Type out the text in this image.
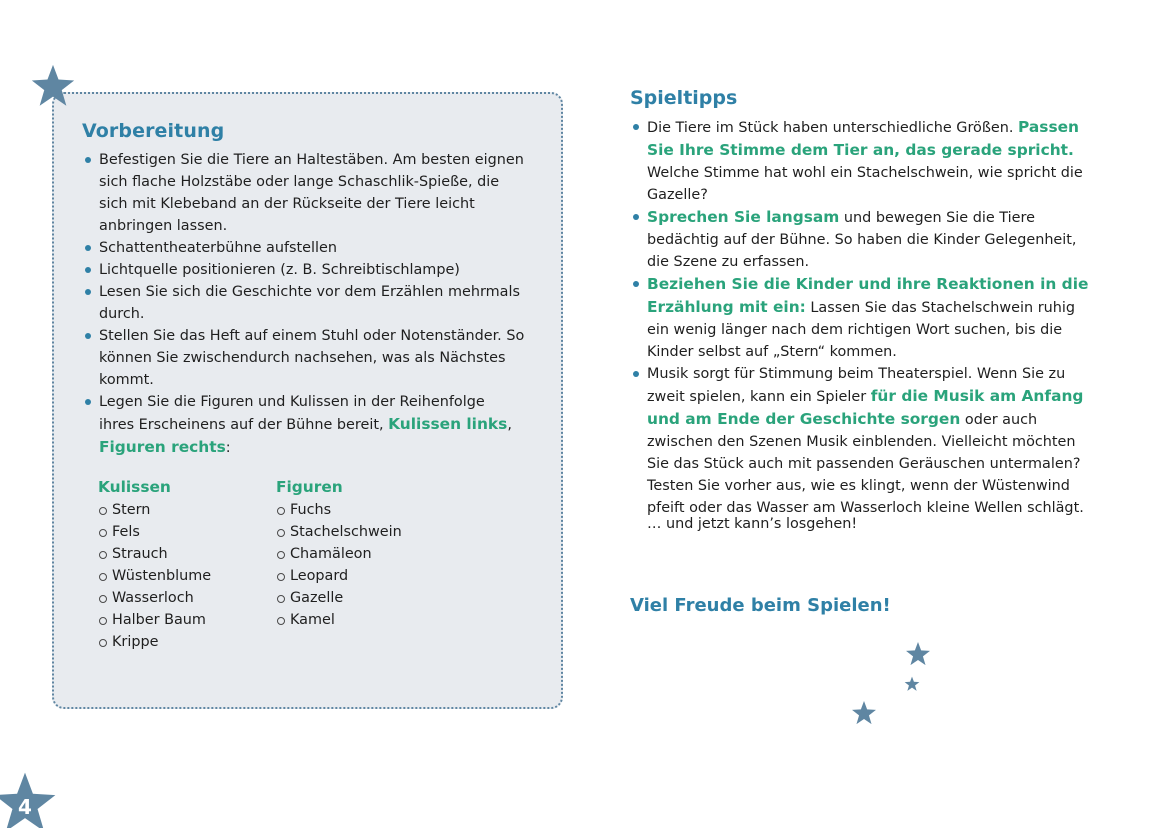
Vorbereitung
Befestigen Sie die Tiere an Haltestäben. Am besten eignen sich flache Holzstäbe oder lange Schaschlik-Spieße, die sich mit Klebeband an der Rückseite der Tiere leicht anbringen lassen.
Schattentheaterbühne aufstellen
Lichtquelle positionieren (z. B. Schreibtischlampe)
Lesen Sie sich die Geschichte vor dem Erzählen mehrmals durch.
Stellen Sie das Heft auf einem Stuhl oder Notenständer. So können Sie zwischendurch nachsehen, was als Nächstes kommt.
Legen Sie die Figuren und Kulissen in der Reihenfolge ihres Erscheinens auf der Bühne bereit, Kulissen links, Figuren rechts:
Kulissen
Stern
Fels
Strauch
Wüstenblume
Wasserloch
Halber Baum
Krippe
Figuren
Fuchs
Stachelschwein
Chamäleon
Leopard
Gazelle
Kamel
Spieltipps
Die Tiere im Stück haben unterschiedliche Größen. Passen Sie Ihre Stimme dem Tier an, das gerade spricht. Welche Stimme hat wohl ein Stachelschwein, wie spricht die Gazelle?
Sprechen Sie langsam und bewegen Sie die Tiere bedächtig auf der Bühne. So haben die Kinder Gelegenheit, die Szene zu erfassen.
Beziehen Sie die Kinder und ihre Reaktionen in die Erzählung mit ein: Lassen Sie das Stachelschwein ruhig ein wenig länger nach dem richtigen Wort suchen, bis die Kinder selbst auf „Stern“ kommen.
Musik sorgt für Stimmung beim Theaterspiel. Wenn Sie zu zweit spielen, kann ein Spieler für die Musik am Anfang und am Ende der Geschichte sorgen oder auch zwischen den Szenen Musik einblenden. Vielleicht möchten Sie das Stück auch mit passenden Geräuschen untermalen? Testen Sie vorher aus, wie es klingt, wenn der Wüstenwind pfeift oder das Wasser am Wasserloch kleine Wellen schlägt.

… und jetzt kann’s losgehen!

Viel Freude beim Spielen!
4
